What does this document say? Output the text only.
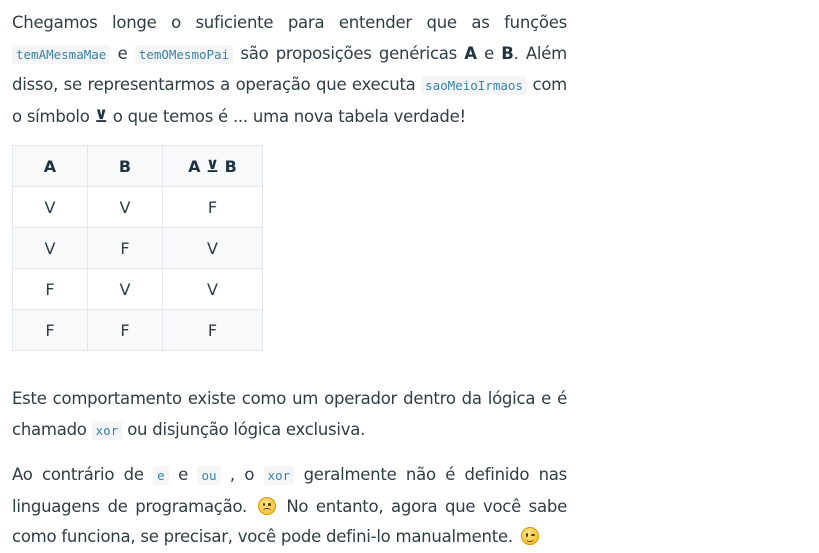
Chegamos longe o suficiente para entender que as funções temAMesmaMae e temOMesmoPai são proposições genéricas A e B. Além disso, se representarmos a operação que executa saoMeioIrmaos com o símbolo ⊻ o que temos é ... uma nova tabela verdade!

A	B	A ⊻ B
V	V	F
V	F	V
F	V	V
F	F	F

Este comportamento existe como um operador dentro da lógica e é chamado xor ou disjunção lógica exclusiva.

Ao contrário de e e ou , o xor geralmente não é definido nas linguagens de programação.
No entanto, agora que você sabe como funciona, se precisar, você pode defini-lo manualmente.
